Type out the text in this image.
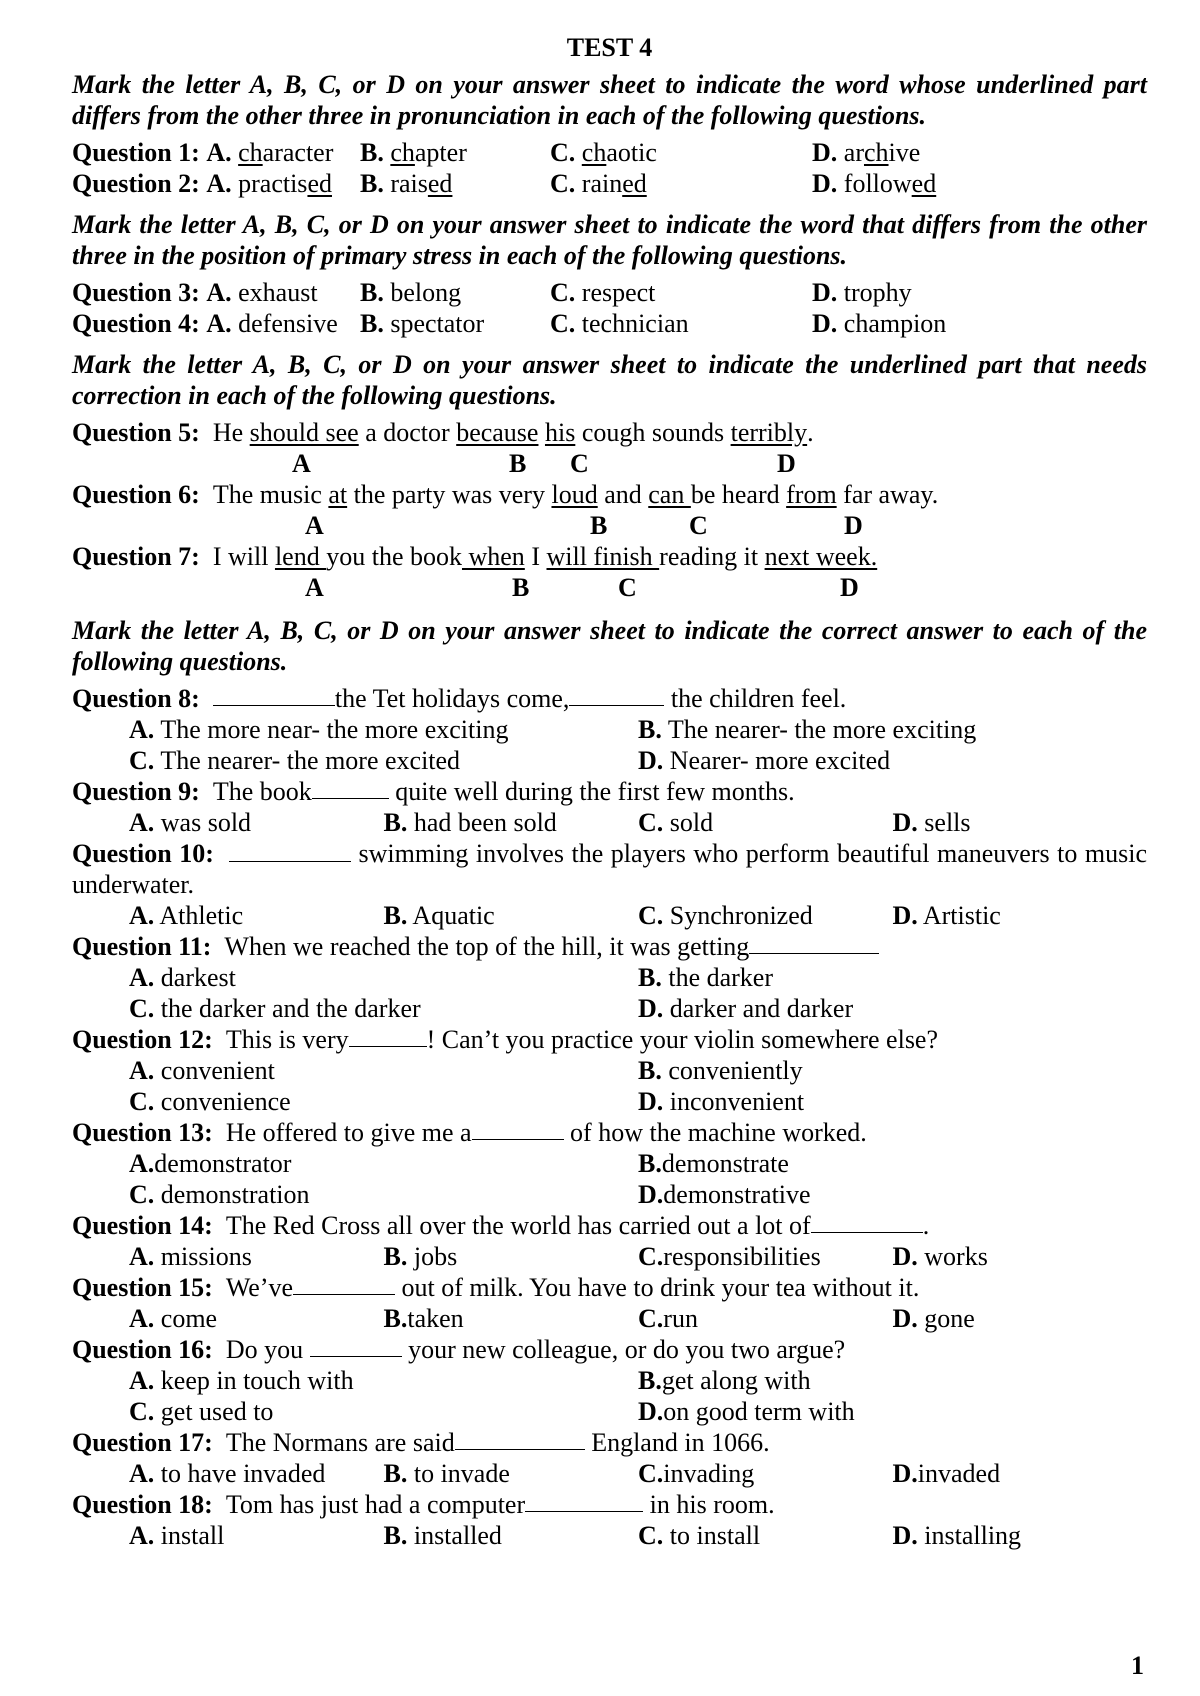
TEST 4
Mark the letter A, B, C, or D on your answer sheet to indicate the word whose underlined part differs from the other three in pronunciation in each of the following questions.
Question 1: A. character	B. chapter	C. chaotic	D. archive
Question 2: A. practised	B. raised	C. rained	D. followed
Mark the letter A, B, C, or D on your answer sheet to indicate the word that differs from the other three in the position of primary stress in each of the following questions.
Question 3: A. exhaust	B. belong	C. respect	D. trophy
Question 4: A. defensive B. spectator	C. technician	D. champion
Mark the letter A, B, C, or D on your answer sheet to indicate the underlined part that needs correction in each of the following questions.
Question 5:
He should see a doctor because
his cough sounds terribly .
A	B C	D
Question 6:
The music at the party was very loud and can be heard from far away.
A	B	C	D
Question 7:
I will lend you the book when I will finish reading it next week.
A	B	C	D
Mark the letter A, B, C, or D on your answer sheet to indicate the correct answer to each of the following questions.
Question 8:
	the Tet holidays come,	the children feel.
A. The more near- the more exciting	B. The nearer- the more exciting
C. The nearer- the more excited	D. Nearer- more excited
Question 9:
The book	quite well during the first few months.
A. was sold	B. had been sold	C. sold	D. sells
Question 10:	swimming involves the players who perform beautiful maneuvers to music underwater.
A. Athletic	B. Aquatic	C. Synchronized	D. Artistic
Question 11:
When we reached the top of the hill, it was getting
A. darkest	B. the darker
C. the darker and the darker	D. darker and darker
Question 12:
This is very	! Can’t you practice your violin somewhere else?
A. convenient	B. conveniently
C. convenience	D. inconvenient
Question 13:
He offered to give me a	of how the machine worked.
A.demonstrator	B.demonstrate
C. demonstration	D.demonstrative
Question 14:
The Red Cross all over the world has carried out a lot of	.
A. missions	B. jobs	C.responsibilities	D. works
Question 15:
We’ve	out of milk. You have to drink your tea without it.
A. come	B.taken	C.run	D. gone
Question 16:
Do you	your new colleague, or do you two argue?
A. keep in touch with	B.get along with
C. get used to	D.on good term with
Question 17:
The Normans are said	England in 1066.
A. to have invaded	B. to invade	C.invading	D.invaded
Question 18:
Tom has just had a computer	in his room.
A. install	B. installed	C. to install	D. installing
1
